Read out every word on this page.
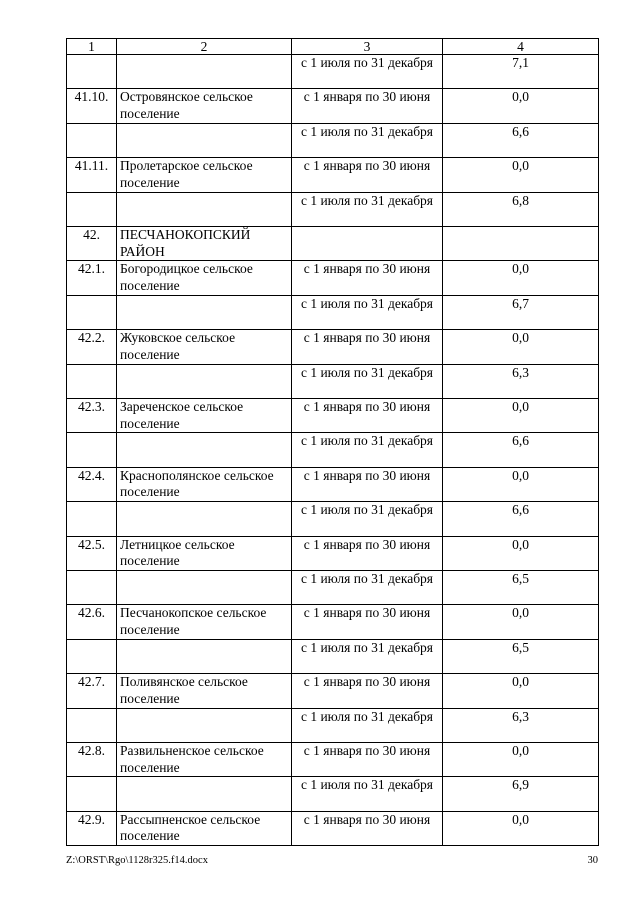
1	2	3	4
		с 1 июля по 31 декабря	7,1
41.10.	Островянское сельское поселение	с 1 января по 30 июня	0,0
		с 1 июля по 31 декабря	6,6
41.11.	Пролетарское сельское поселение	с 1 января по 30 июня	0,0
		с 1 июля по 31 декабря	6,8
42.	ПЕСЧАНОКОПСКИЙ РАЙОН		
42.1.	Богородицкое сельское поселение	с 1 января по 30 июня	0,0
		с 1 июля по 31 декабря	6,7
42.2.	Жуковское сельское поселение	с 1 января по 30 июня	0,0
		с 1 июля по 31 декабря	6,3
42.3.	Зареченское сельское поселение	с 1 января по 30 июня	0,0
		с 1 июля по 31 декабря	6,6
42.4.	Краснополянское сельское поселение	с 1 января по 30 июня	0,0
		с 1 июля по 31 декабря	6,6
42.5.	Летницкое сельское поселение	с 1 января по 30 июня	0,0
		с 1 июля по 31 декабря	6,5
42.6.	Песчанокопское сельское поселение	с 1 января по 30 июня	0,0
		с 1 июля по 31 декабря	6,5
42.7.	Поливянское сельское поселение	с 1 января по 30 июня	0,0
		с 1 июля по 31 декабря	6,3
42.8.	Развильненское сельское поселение	с 1 января по 30 июня	0,0
		с 1 июля по 31 декабря	6,9
42.9.	Рассыпненское сельское поселение	с 1 января по 30 июня	0,0
Z:\ORST\Rgo\1128r325.f14.docx	30
